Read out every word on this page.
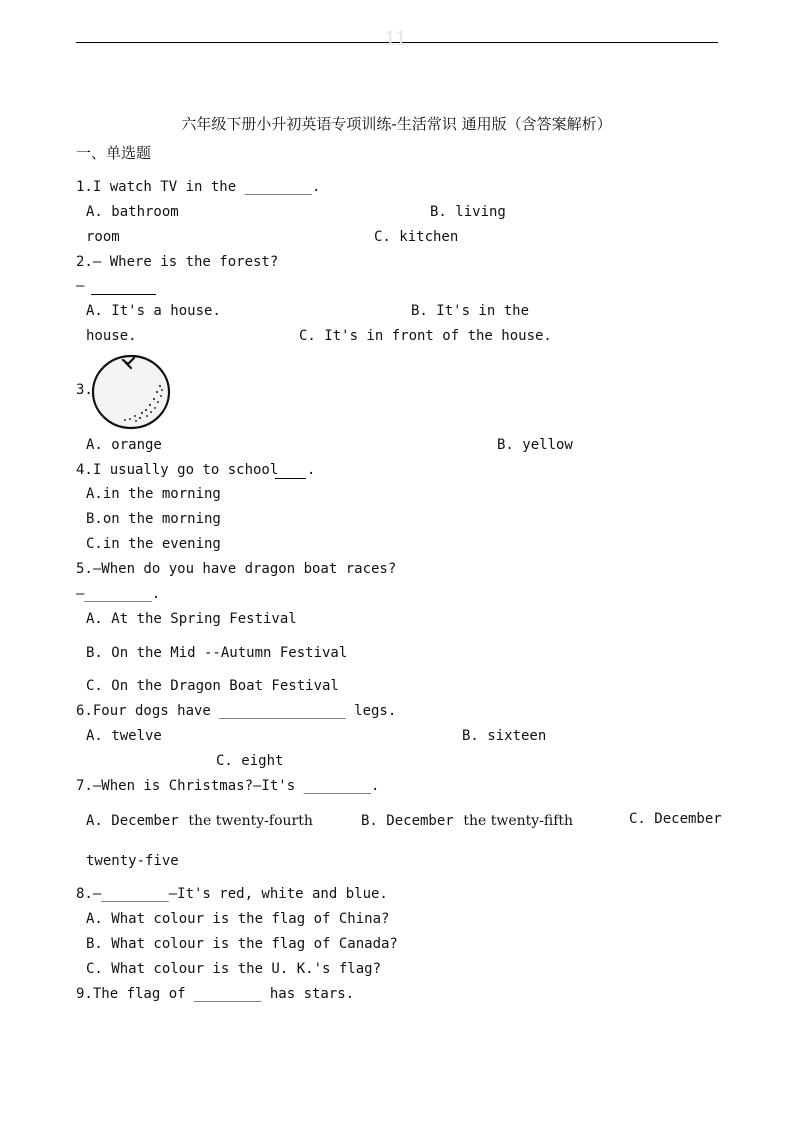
11
六年级下册小升初英语专项训练-生活常识 通用版（含答案解析）
一、单选题
1.I watch TV in the ________.
A. bathroom	B. living
room	C. kitchen
2.— Where is the forest?
—
A. It's a house.	B. It's in the
house.	C. It's in front of the house.
3.
A. orange	B. yellow
4.I usually go to school .
A.in the morning
B.on the morning
C.in the evening
5.—When do you have dragon boat races?
—________.
A. At the Spring Festival
B. On the Mid --Autumn Festival
C. On the Dragon Boat Festival
6.Four dogs have _______________ legs.
A. twelve	B. sixteen
C. eight
7.—When is Christmas?—It's ________.
A. December the twenty-fourth	B. December the twenty-fifth	C. December
twenty-five
8.—________—It's red, white and blue.
A. What colour is the flag of China?
B. What colour is the flag of Canada?
C. What colour is the U. K.'s flag?
9.The flag of ________ has stars.
